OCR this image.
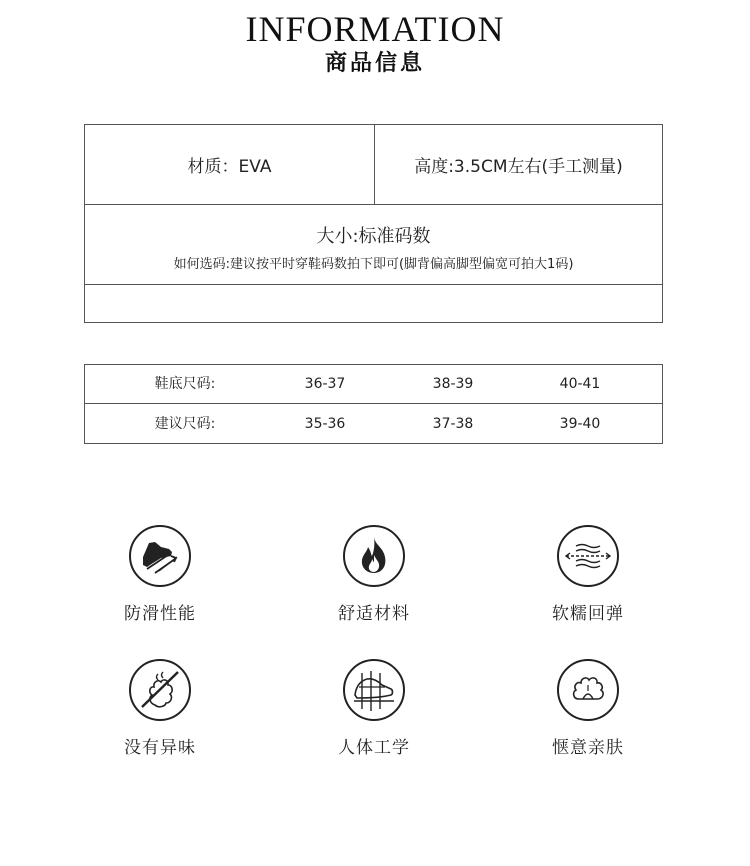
INFORMATION
商品信息
材质：EVA	高度:3.5CM左右(手工测量)
大小:标准码数
如何选码:建议按平时穿鞋码数拍下即可(脚背偏高脚型偏宽可拍大1码)
鞋底尺码:	36-37	38-39	40-41
建议尺码:	35-36	37-38	39-40
防滑性能	舒适材料	软糯回弹
没有异味	人体工学	惬意亲肤
